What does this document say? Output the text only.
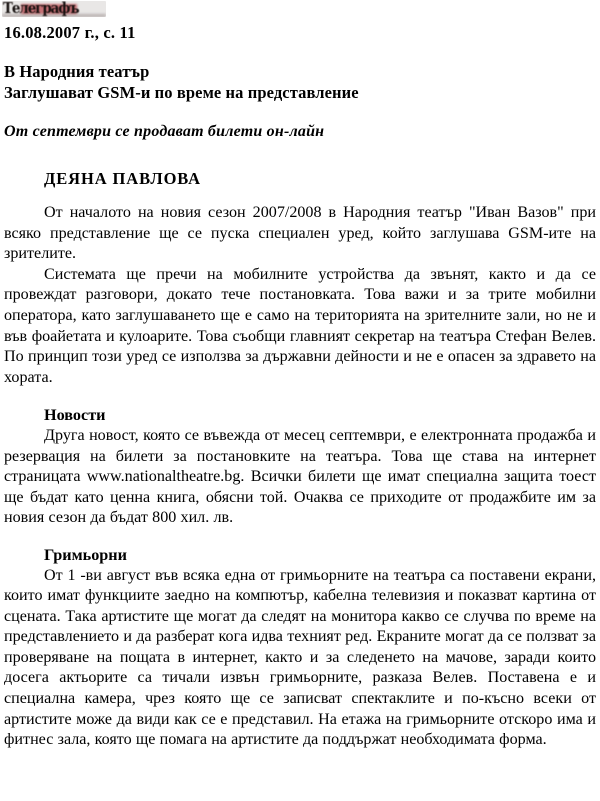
Телеграфъ
16.08.2007 г., с. 11
В Народния театър
Заглушават GSM-и по време на представление
От септември се продават билети он-лайн
ДЕЯНА ПАВЛОВА

От началото на новия сезон 2007/2008 в Народния театър "Иван Вазов" при всяко представление ще се пуска специален уред, който заглушава GSM-ите на зрителите.

Системата ще пречи на мобилните устройства да звънят, както и да се провеждат разговори, докато тече постановката. Това важи и за трите мобилни оператора, като заглушаването ще е само на територията на зрителните зали, но не и във фоайетата и кулоарите. Това съобщи главният секретар на театъра Стефан Велев. По принцип този уред се използва за държавни дейности и не е опасен за здравето на хората.

Новости

Друга новост, която се въвежда от месец септември, е електронната продажба и резервация на билети за постановките на театъра. Това ще става на интернет страницата www.nationaltheatre.bg. Всички билети ще имат специална защита тоест ще бъдат като ценна книга, обясни той. Очаква се приходите от продажбите им за новия сезон да бъдат 800 хил. лв.

Гримьорни

От 1 -ви август във всяка една от гримьорните на театъра са поставени екрани, които имат функциите заедно на компютър, кабелна телевизия и показват картина от сцената. Така артистите ще могат да следят на монитора какво се случва по време на представлението и да разберат кога идва техният ред. Екраните могат да се ползват за проверяване на пощата в интернет, както и за следенето на мачове, заради които досега актьорите са тичали извън гримьорните, разказа Велев. Поставена е и специална камера, чрез която ще се записват спектаклите и по-късно всеки от артистите може да види как се е представил. На етажа на гримьорните отскоро има и фитнес зала, която ще помага на артистите да поддържат необходимата форма.
